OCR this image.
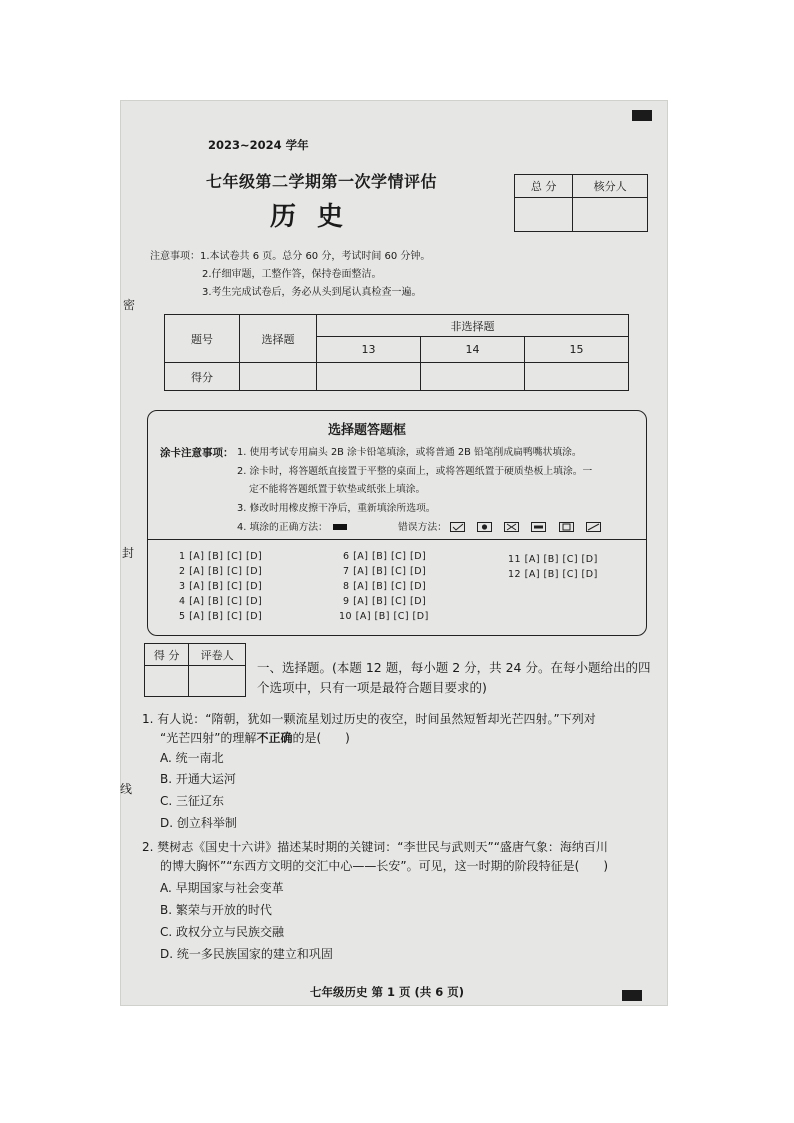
2023~2024 学年
七年级第二学期第一次学情评估
历 史
总 分	核分人

注意事项：1.本试卷共 6 页。总分 60 分，考试时间 60 分钟。
2.仔细审题，工整作答，保持卷面整洁。
3.考生完成试卷后，务必从头到尾认真检查一遍。
题号	选择题	非选择题		
		13	14	15
得分				
选择题答题框
涂卡注意事项： 1. 使用考试专用扁头 2B 涂卡铅笔填涂，或将普通 2B 铅笔削成扁鸭嘴状填涂。
2. 涂卡时，将答题纸直接置于平整的桌面上，或将答题纸置于硬质垫板上填涂。一
定不能将答题纸置于软垫或纸张上填涂。
3. 修改时用橡皮擦干净后，重新填涂所选项。
4. 填涂的正确方法：	错误方法：

1 [A] [B] [C] [D]
2 [A] [B] [C] [D]
3 [A] [B] [C] [D]
4 [A] [B] [C] [D]
5 [A] [B] [C] [D]
6 [A] [B] [C] [D]
7 [A] [B] [C] [D]
8 [A] [B] [C] [D]
9 [A] [B] [C] [D]
10 [A] [B] [C] [D]
11 [A] [B] [C] [D]
12 [A] [B] [C] [D]
密
封
线
得 分	评卷人

一、选择题。(本题 12 题，每小题 2 分，共 24 分。在每小题给出的四
个选项中，只有一项是最符合题目要求的)
1. 有人说：“隋朝，犹如一颗流星划过历史的夜空，时间虽然短暂却光芒四射。”下列对
“光芒四射”的理解不正确的是(　　)
A. 统一南北
B. 开通大运河
C. 三征辽东
D. 创立科举制
2. 樊树志《国史十六讲》描述某时期的关键词：“李世民与武则天”“盛唐气象：海纳百川
的博大胸怀”“东西方文明的交汇中心——长安”。可见，这一时期的阶段特征是(　　)
A. 早期国家与社会变革
B. 繁荣与开放的时代
C. 政权分立与民族交融
D. 统一多民族国家的建立和巩固
七年级历史 第 1 页 (共 6 页)
